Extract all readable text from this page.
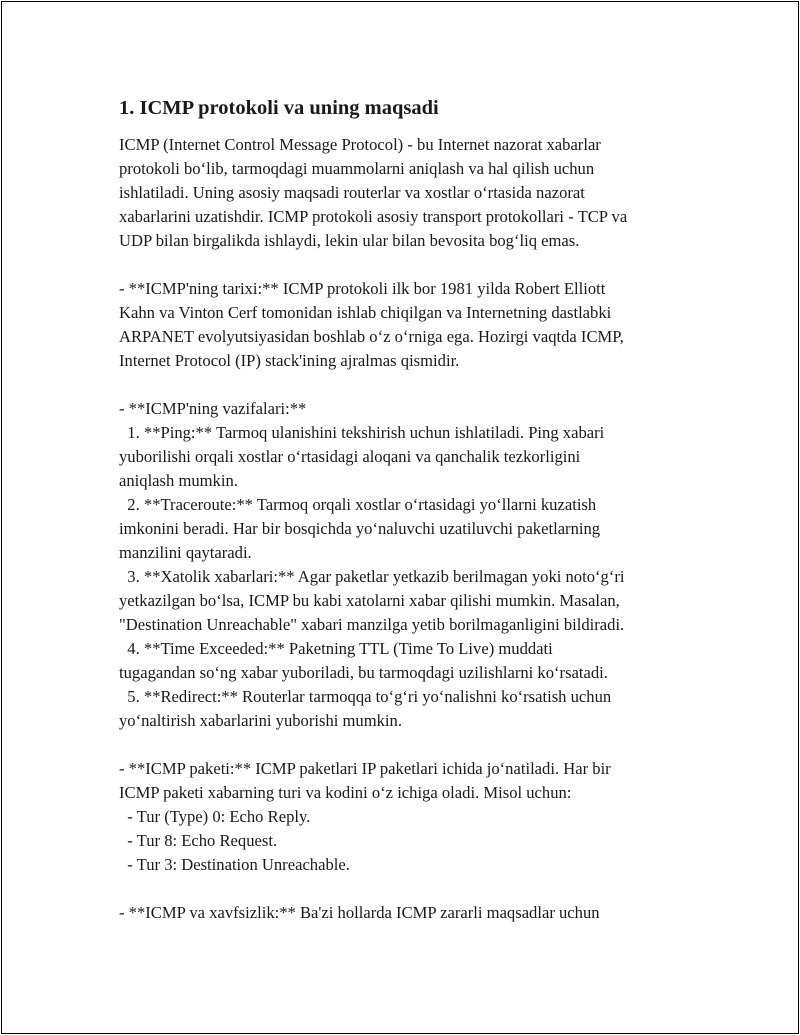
1. ICMP protokoli va uning maqsadi
ICMP (Internet Control Message Protocol) - bu Internet nazorat xabarlar
protokoli bo‘lib, tarmoqdagi muammolarni aniqlash va hal qilish uchun
ishlatiladi. Uning asosiy maqsadi routerlar va xostlar o‘rtasida nazorat
xabarlarini uzatishdir. ICMP protokoli asosiy transport protokollari - TCP va
UDP bilan birgalikda ishlaydi, lekin ular bilan bevosita bog‘liq emas.
- **ICMP'ning tarixi:** ICMP protokoli ilk bor 1981 yilda Robert Elliott
Kahn va Vinton Cerf tomonidan ishlab chiqilgan va Internetning dastlabki
ARPANET evolyutsiyasidan boshlab o‘z o‘rniga ega. Hozirgi vaqtda ICMP,
Internet Protocol (IP) stack'ining ajralmas qismidir.
- **ICMP'ning vazifalari:**
1. **Ping:** Tarmoq ulanishini tekshirish uchun ishlatiladi. Ping xabari
yuborilishi orqali xostlar o‘rtasidagi aloqani va qanchalik tezkorligini
aniqlash mumkin.
2. **Traceroute:** Tarmoq orqali xostlar o‘rtasidagi yo‘llarni kuzatish
imkonini beradi. Har bir bosqichda yo‘naluvchi uzatiluvchi paketlarning
manzilini qaytaradi.
3. **Xatolik xabarlari:** Agar paketlar yetkazib berilmagan yoki noto‘g‘ri
yetkazilgan bo‘lsa, ICMP bu kabi xatolarni xabar qilishi mumkin. Masalan,
"Destination Unreachable" xabari manzilga yetib borilmaganligini bildiradi.
4. **Time Exceeded:** Paketning TTL (Time To Live) muddati
tugagandan so‘ng xabar yuboriladi, bu tarmoqdagi uzilishlarni ko‘rsatadi.
5. **Redirect:** Routerlar tarmoqqa to‘g‘ri yo‘nalishni ko‘rsatish uchun
yo‘naltirish xabarlarini yuborishi mumkin.
- **ICMP paketi:** ICMP paketlari IP paketlari ichida jo‘natiladi. Har bir
ICMP paketi xabarning turi va kodini o‘z ichiga oladi. Misol uchun:
- Tur (Type) 0: Echo Reply.
- Tur 8: Echo Request.
- Tur 3: Destination Unreachable.
- **ICMP va xavfsizlik:** Ba'zi hollarda ICMP zararli maqsadlar uchun
